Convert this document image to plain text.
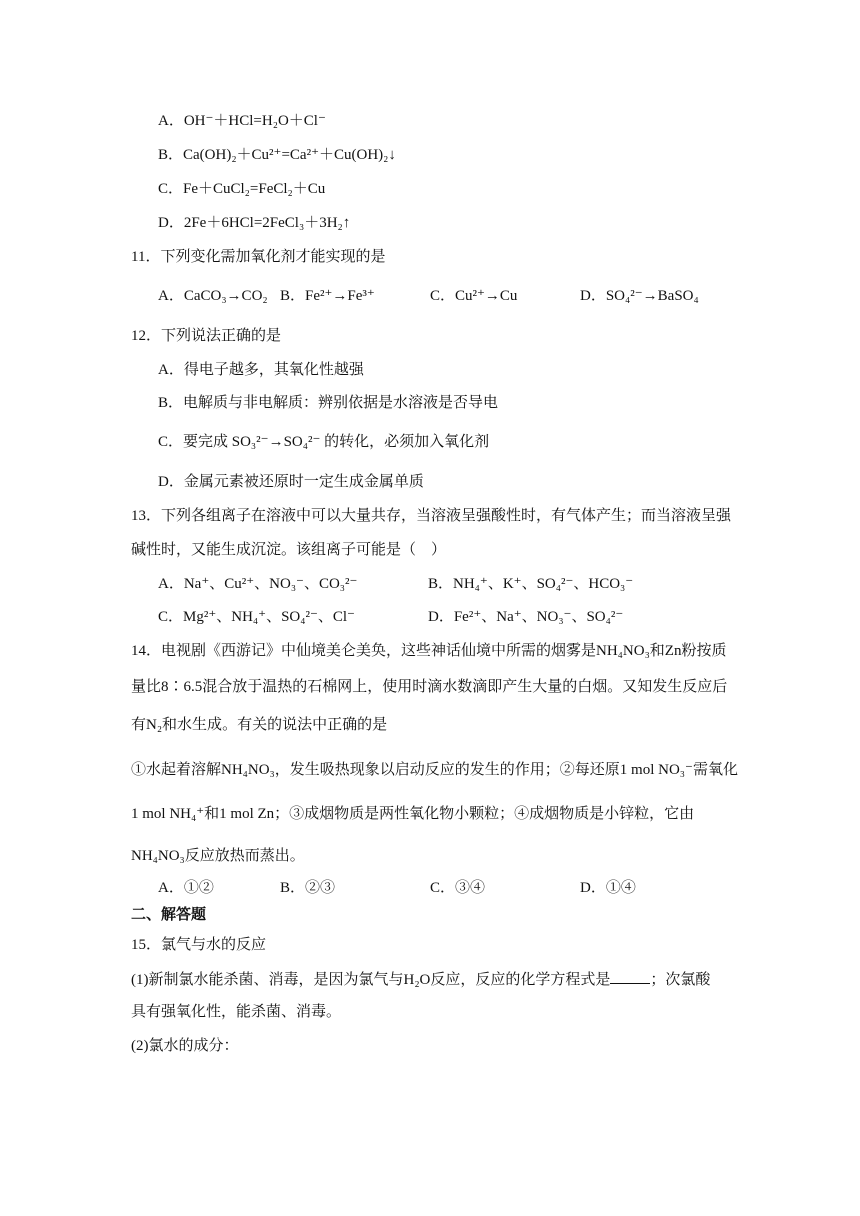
A．OH⁻＋HCl=H₂O＋Cl⁻
B．Ca(OH)₂＋Cu²⁺=Ca²⁺＋Cu(OH)₂↓
C．Fe＋CuCl₂=FeCl₂＋Cu
D．2Fe＋6HCl=2FeCl₃＋3H₂↑
11．下列变化需加氧化剂才能实现的是
A．CaCO₃→CO₂ B．Fe²⁺→Fe³⁺	C．Cu²⁺→Cu	D．SO₄²⁻→BaSO₄
12．下列说法正确的是
A．得电子越多，其氧化性越强
B．电解质与非电解质：辨别依据是水溶液是否导电
C．要完成 SO₃²⁻→SO₄²⁻ 的转化，必须加入氧化剂
D．金属元素被还原时一定生成金属单质
13．下列各组离子在溶液中可以大量共存，当溶液呈强酸性时，有气体产生；而当溶液呈强
碱性时，又能生成沉淀。该组离子可能是（　）
A．Na⁺、Cu²⁺、NO₃⁻、CO₃²⁻	B．NH₄⁺、K⁺、SO₄²⁻、HCO₃⁻
C．Mg²⁺、NH₄⁺、SO₄²⁻、Cl⁻	D．Fe²⁺、Na⁺、NO₃⁻、SO₄²⁻
14．电视剧《西游记》中仙境美仑美奂，这些神话仙境中所需的烟雾是NH₄NO₃和Zn粉按质
量比8∶6.5混合放于温热的石棉网上，使用时滴水数滴即产生大量的白烟。又知发生反应后
有N₂和水生成。有关的说法中正确的是
①水起着溶解NH₄NO₃，发生吸热现象以启动反应的发生的作用；②每还原1 mol NO₃⁻需氧化
1 mol NH₄⁺和1 mol Zn；③成烟物质是两性氧化物小颗粒；④成烟物质是小锌粒，它由
NH₄NO₃反应放热而蒸出。
A．①②	B．②③	C．③④	D．①④
二、解答题
15．氯气与水的反应
(1)新制氯水能杀菌、消毒，是因为氯气与H₂O反应，反应的化学方程式是	；次氯酸
具有强氧化性，能杀菌、消毒。
(2)氯水的成分：
